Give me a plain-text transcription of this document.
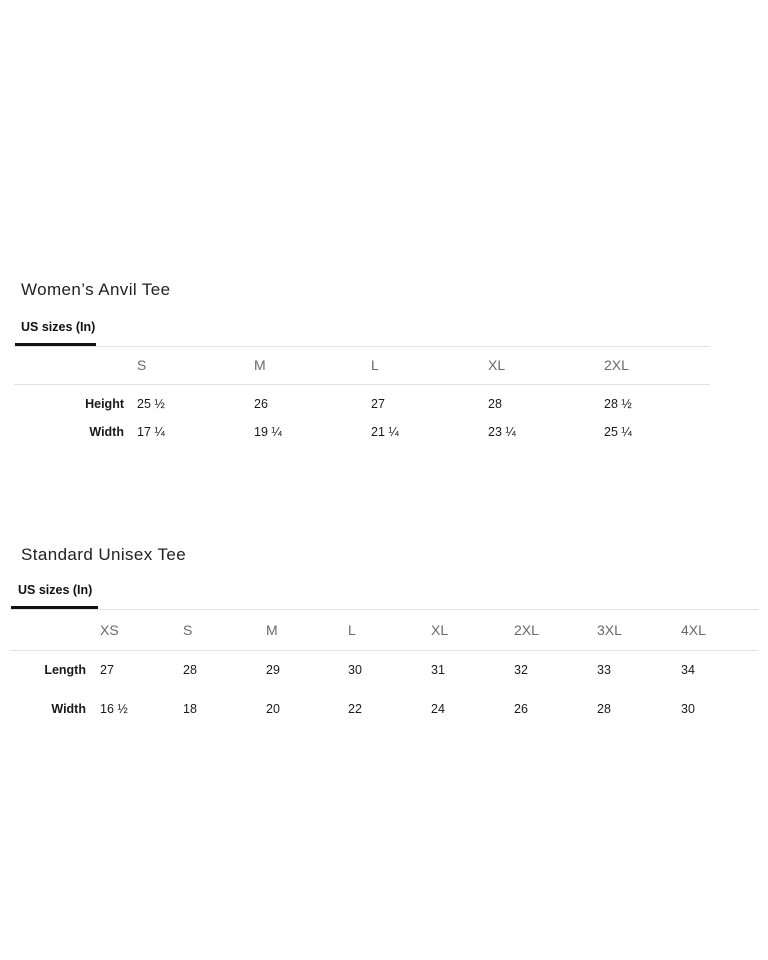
Women’s Anvil Tee
US sizes (In)
S	M	L	XL	2XL
Height 25 ½	26	27	28	28 ½
Width 17 ¼	19 ¼	21 ¼	23 ¼	25 ¼
Standard Unisex Tee
US sizes (In)
XS	S	M	L	XL	2XL	3XL	4XL
Length 27	28	29	30	31	32	33	34
Width 16 ½	18	20	22	24	26	28	30
